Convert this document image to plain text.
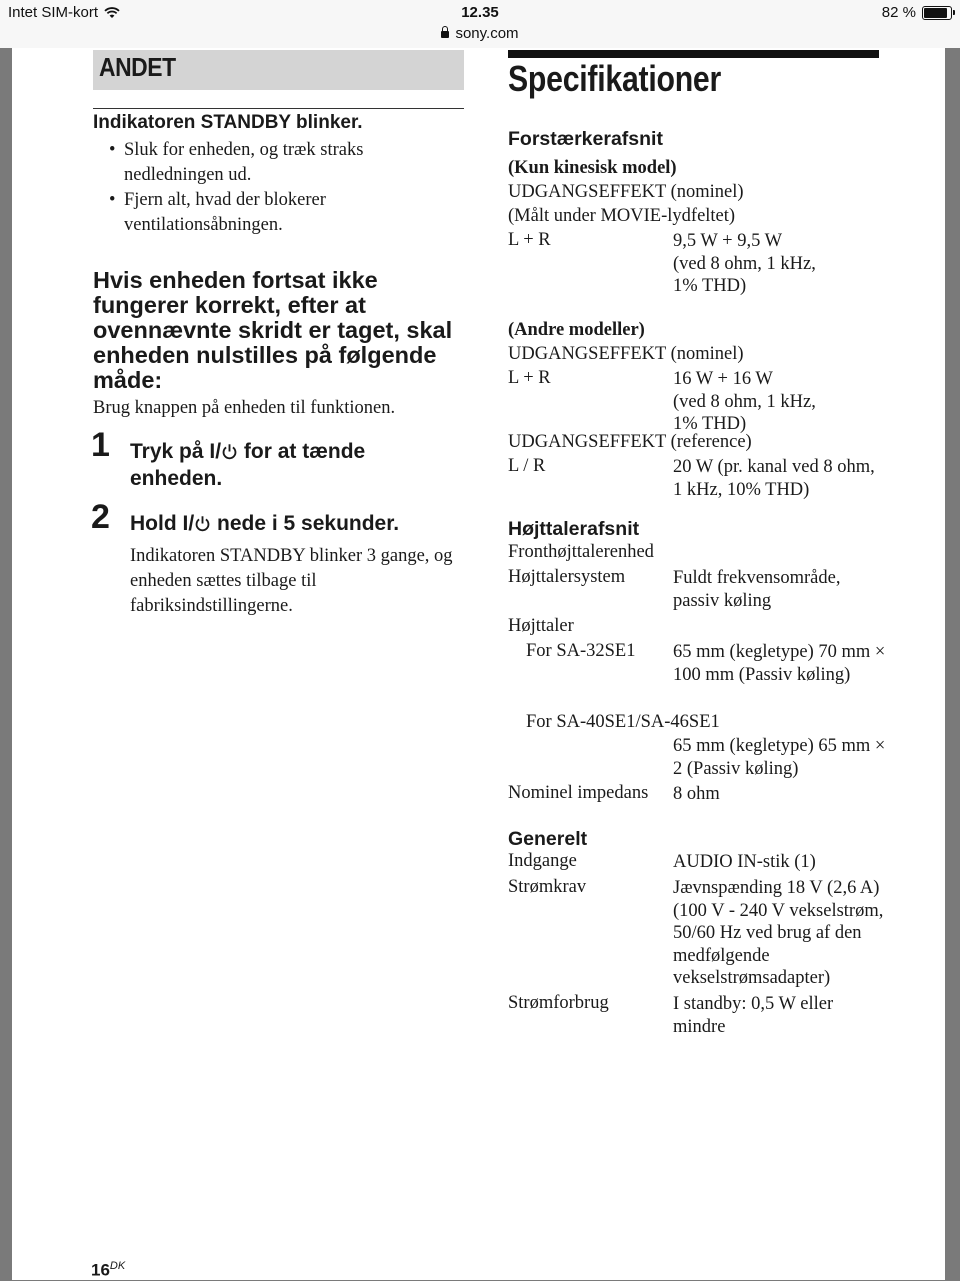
Intet SIM-kort	12.35
sony.com
82 %
ANDET
Indikatoren STANDBY blinker.
• Sluk for enheden, og træk straks nedledningen ud.
• Fjern alt, hvad der blokerer ventilationsåbningen.
Hvis enheden fortsat ikke fungerer korrekt, efter at ovennævnte skridt er taget, skal enheden nulstilles på følgende måde:
Brug knappen på enheden til funktionen.
1 Tryk på I/ for at tænde enheden.
2 Hold I/ nede i 5 sekunder.
Indikatoren STANDBY blinker 3 gange, og enheden sættes tilbage til fabriksindstillingerne.
Specifikationer
Forstærkerafsnit
(Kun kinesisk model)
UDGANGSEFFEKT (nominel)
(Målt under MOVIE-lydfeltet)
L + R	9,5 W + 9,5 W
(ved 8 ohm, 1 kHz, 1% THD)
(Andre modeller)
UDGANGSEFFEKT (nominel)
L + R	16 W + 16 W
(ved 8 ohm, 1 kHz, 1% THD)
UDGANGSEFFEKT (reference)
L / R	20 W (pr. kanal ved 8 ohm, 1 kHz, 10% THD)
Højttalerafsnit
Fronthøjttalerenhed
Højttalersystem	Fuldt frekvensområde, passiv køling
Højttaler
For SA-32SE1 65 mm (kegletype) 70 mm × 100 mm (Passiv køling)
For SA-40SE1/SA-46SE1
65 mm (kegletype) 65 mm × 2 (Passiv køling)
Nominel impedans 8 ohm
Generelt
Indgange	AUDIO IN-stik (1)
Strømkrav	Jævnspænding 18 V (2,6 A) (100 V - 240 V vekselstrøm, 50/60 Hz ved brug af den medfølgende vekselstrømsadapter)
Strømforbrug	I standby: 0,5 W eller mindre
$16^{DK}$
